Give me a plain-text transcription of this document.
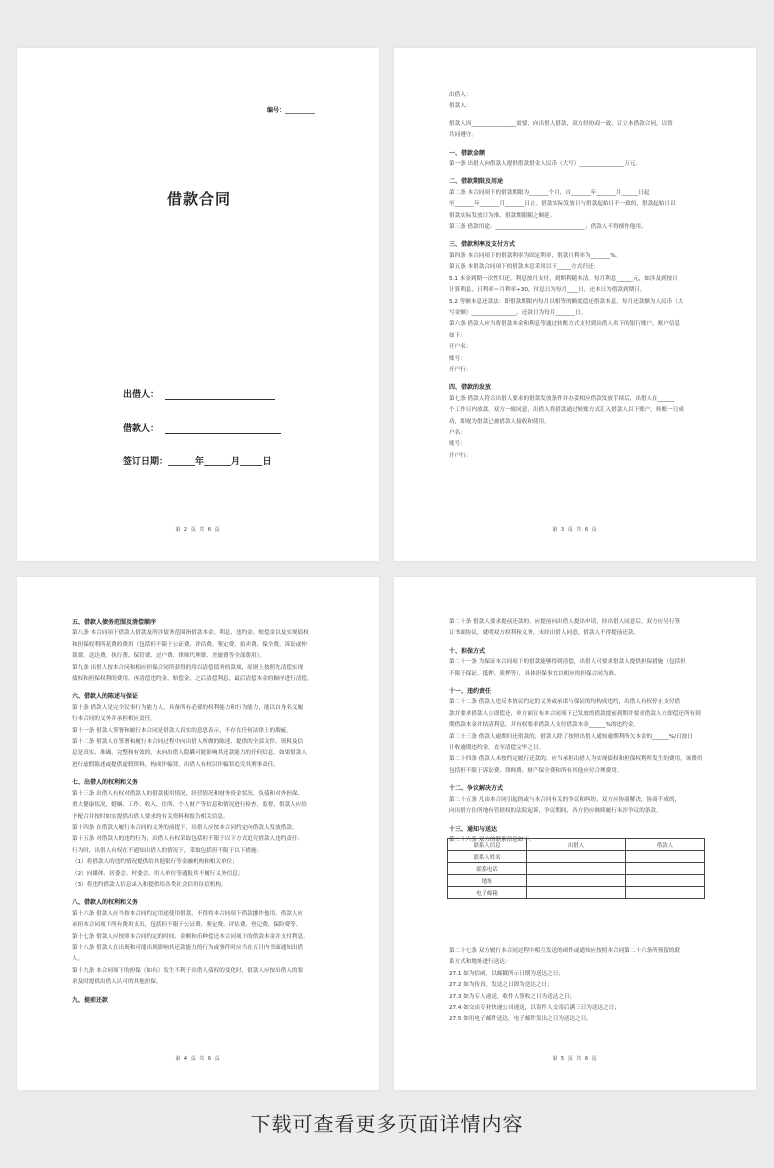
编号：__________
借款合同
出借人：
借款人：
签订日期：______年______月_____日
第 2 页 共 6 页

出借人：

借款人：

借款人因________________需要，向出借人借款，双方经协商一致，订立本借款合同，以资

共同遵守。

一、借款金额

第一条 出借人向借款人提供借款借金人民币（大写）________________万元。

二、借款期限及用途

第二条 本合同项下的借款期限为_______个月，自_______年_______月______日起

至_______年_______月_______日止。借款实际发放日与借款起始日不一致的，借款起始日以

借款实际发放日为准，借款期限随之顺延。

第三条 借款用途：________________________________；借款人不得擅作他用。

三、借款利率及支付方式

第四条 本合同项下的借款利率为固定利率，借款月利率为_______%。

第五条 本借款合同项下的借款本息采用以下_____方式归还：

5.1 本金到期一次性归还，利息按月支付，到期利随本清。每月利息______元，如涉及到按日

计算利息，日利率＝月利率÷30，付息日为每月____日，还本日为借款到期日。

5.2 等额本息还款法：即借款期限内每月以相等的额度偿还借款本息，每月还款额为人民币（大

写金额）________________，还款日为每月_______日。

第六条 借款人应当将借款本金和利息等通过转账方式支付到出借人名下的银行账户，账户信息

如下：

开户名：

账号：

开户行：

四、借款的发放

第七条 借款人符合出借人要求的借款发放条件并办妥相应借款发放手续后，出借人在______

个工作日内放款。双方一致同意，出借人将借款通过转账方式汇入借款人以下账户，转账一日成

功，即视为借款已被借款人接收和使用。

户名：

账号：

开户行：

第 3 页 共 6 页
五、借款人债务范围及清偿顺序

第八条 本合同项下借款人借款及所涉债务范围指借款本金、利息、违约金、赔偿金以及实现债权

和担保权利所花费的费用（包括但不限于公证费、评估费、鉴定费、拍卖费、保全费、诉讼或仲

裁费、送达费、执行费、保管费、过户费、律师代理费、差旅费等全部费用）。

第九条 出借人按本合同和相应担保合同所获得的用以清偿债务的款项，原则上按照先清偿实现

债权和担保权利的费用，再清偿违约金、赔偿金，之后清偿利息，最后清偿本金的顺序进行清偿。

六、借款人的陈述与保证

第十条 借款人是完全民事行为能力人，具备所有必要的权利能力和行为能力，能以自身名义履

行本合同的义务并承担相应责任。

第十一条 借款人签署和履行本合同是借款人真实的意思表示，不存在任何法律上的瑕疵。

第十二条 借款人在签署和履行本合同过程中向出借人所做的陈述、提供的全部文件、资料及信

息是真实、准确、完整和有效的，未向出借人隐瞒可能影响其还款能力的任何信息。如果借款人

进行虚假陈述或提供虚假资料，构成诈骗罪，出借人有权以诈骗罪追究其刑事责任。

七、出借人的权利和义务

第十三条 出借人有权对借款人的借款使用情况、经营情况和财务资金状况、负债和对外担保、

重大健康状况、婚姻、工作、收入、住所、个人财产等信息和情况进行检查、监督，借款人应给

予配合并按时如实提供出借人要求的有关资料和报告相关信息。

第十四条 在借款人履行本合同的义务的前提下，出借人应按本合同约定向借款人发放借款。

第十五条 对借款人的违约行为，出借人有权采取包括但不限于以下方式追究借款人违约责任：

行为时，出借人有权在不通知出借人的情况下，采取包括但不限于以下措施：

（1）将借款人的违约情况提供给其他银行等金融机构和相关单位；

（2）向媒体、居委会、村委会、用人单位等通报其不履行义务信息；

（3）将违约借款人信息录入和提供给各类社会信用征信机构。

八、借款人的权利和义务

第十六条 借款人应当按本合同约定用途使用借款，不得将本合同项下借款挪作他用。借款人应

承担本合同项下所有费用支出，包括但不限于公证费、鉴定费、评估费、登记费、保险费等。

第十七条 借款人应按照本合同约定的时间、金额和币种偿还本合同项下的借款本金并支付利息。

第十八条 借款人在出现和可能出现影响其还款能力的行为或事件时应当在五日内书面通知出借

人。

第十九条 本合同项下的担保（如有）发生不利于出借人债权的变化时，借款人应按出借人的要

求及时提供出借人认可的其他担保。

九、提前还款
第 4 页 共 6 页

第二十条 借款人要求提前还款的，应提前向出借人提出申请，经出借人同意后，双方应另行签

订书面协议，就明双方权利和义务。未经出借人同意，借款人不得提前还款。

十、担保方式

第二十一条 为保证本合同项下的借款能够得到清偿，出借人可要求借款人提供担保措施（包括但

不限于保证、抵押、质押等），具体担保事宜以相应的担保合同为准。

十一、违约责任

第二十二条 借款人违反本协议约定的义务或承诺与保证的均构成违约，出借人有权停止支付借

款并要求借款人立即偿还，单方面宣布本合同项下已发放的借款提前到期并要求借款人立即偿还所有到

期借款本金并结清利息，并有权要求借款人支付借款本金______%的违约金。

第二十三条 借款人逾期归还借款的，借款人除了按照出借人通知逾期利所欠本金的______%/日按日

计收逾期违约金，直至清偿完毕之日。

第二十四条 借款人未按约定履行还款的，应当承担出借人为实现债权和担保权利所发生的费用，该费用

包括但不限于诉讼费、律师费、财产保全费和所有其他应付合理费用。

十二、争议解决方式

第二十五条 凡由本合同引起的或与本合同有关的争议和纠纷，双方应协商解决，协商不成的，

向出借方住所地有管辖权的法院起诉，争议期间，各方仍应继续履行未涉争议的条款。

十三、通知与送达

第二十六条 双方的联系信息如下：

联系人信息	出借人	借款人
联系人姓名		
联系电话		
地址		
电子邮箱		

第二十七条 双方履行本合同过程中相互发送的函件或通知应按照本合同第二十六条所预留的联

系方式和地址进行送达：

27.1 如为信函，以邮戳所示日期为送达之日；

27.2 如为传真，发送之日即为送达之日；

27.3 如为专人递送，收件人签收之日为送达之日；

27.4 如交由专业快递公司递送，以寄件人交寄后满三日为送达之日；

27.5 如用电子邮件送达，电子邮件发出之日为送达之日。

第 5 页 共 6 页
下载可查看更多页面详情内容
